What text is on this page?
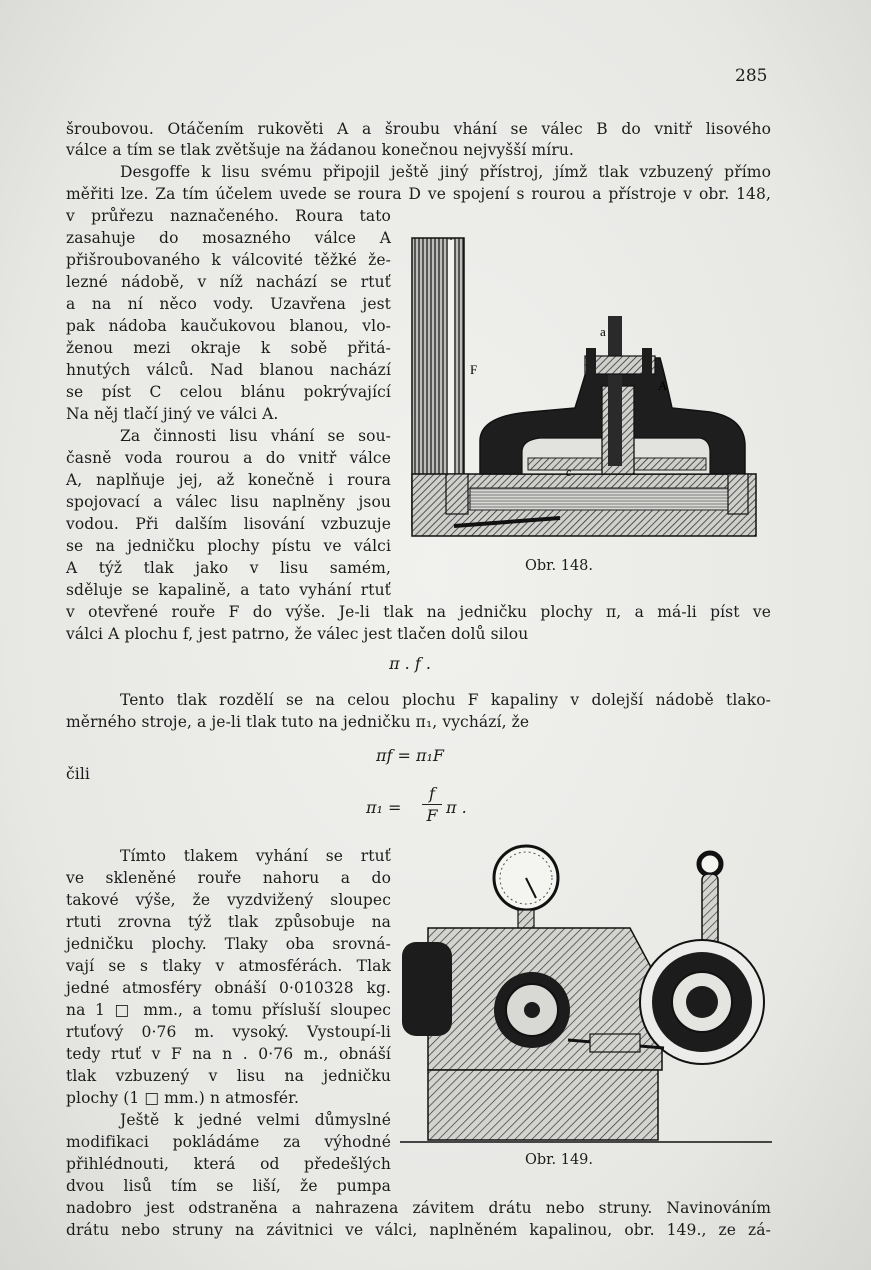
285
šroubovou. Otáčením rukověti A a šroubu vhání se válec B do vnitř lisového
válce a tím se tlak zvětšuje na žádanou konečnou nejvyšší míru.
Desgoffe k lisu svému připojil ještě jiný přístroj, jímž tlak vzbuzený přímo
měřiti lze. Za tím účelem uvede se roura D ve spojení s rourou a přístroje v obr. 148,
v průřezu naznačeného. Roura tato
zasahuje do mosazného válce A
přišroubovaného k válcovité těžké že-
lezné nádobě, v níž nachází se rtuť
a na ní něco vody. Uzavřena jest
pak nádoba kaučukovou blanou, vlo-
ženou mezi okraje k sobě přitá-
hnutých válců. Nad blanou nachází
se píst C celou blánu pokrývající
Na něj tlačí jiný ve válci A.
Za činnosti lisu vhání se sou-
časně voda rourou a do vnitř válce
A, naplňuje jej, až konečně i roura
spojovací a válec lisu naplněny jsou
vodou. Při dalším lisování vzbuzuje
se na jedničku plochy pístu ve válci
A týž tlak jako v lisu samém,
sděluje se kapalině, a tato vyhání rtuť
F
a
A
c
Obr. 148.
v otevřené rouře F do výše. Je-li tlak na jedničku plochy π, a má-li píst ve
válci A plochu f, jest patrno, že válec jest tlačen dolů silou
π . f .
Tento tlak rozdělí se na celou plochu F kapaliny v dolejší nádobě tlako-
měrného stroje, a je-li tlak tuto na jedničku π₁, vychází, že
πf = π₁F
čili
π₁ =
f
F π .
Tímto tlakem vyhání se rtuť
ve skleněné rouře nahoru a do
takové výše, že vyzdvižený sloupec
rtuti zrovna týž tlak způsobuje na
jedničku plochy. Tlaky oba srovná-
vají se s tlaky v atmosférách. Tlak
jedné atmosféry obnáší 0·010328 kg.
na 1 □ mm., a tomu přísluší sloupec
rtuťový 0·76 m. vysoký. Vystoupí-li
tedy rtuť v F na n . 0·76 m., obnáší
tlak vzbuzený v lisu na jedničku
plochy (1 □ mm.) n atmosfér.
Ještě k jedné velmi důmyslné
modifikaci pokládáme za výhodné
přihlédnouti, která od předešlých
dvou lisů tím se liší, že pumpa
Obr. 149.
nadobro jest odstraněna a nahrazena závitem drátu nebo struny. Navinováním
drátu nebo struny na závitnici ve válci, naplněném kapalinou, obr. 149., ze zá-
